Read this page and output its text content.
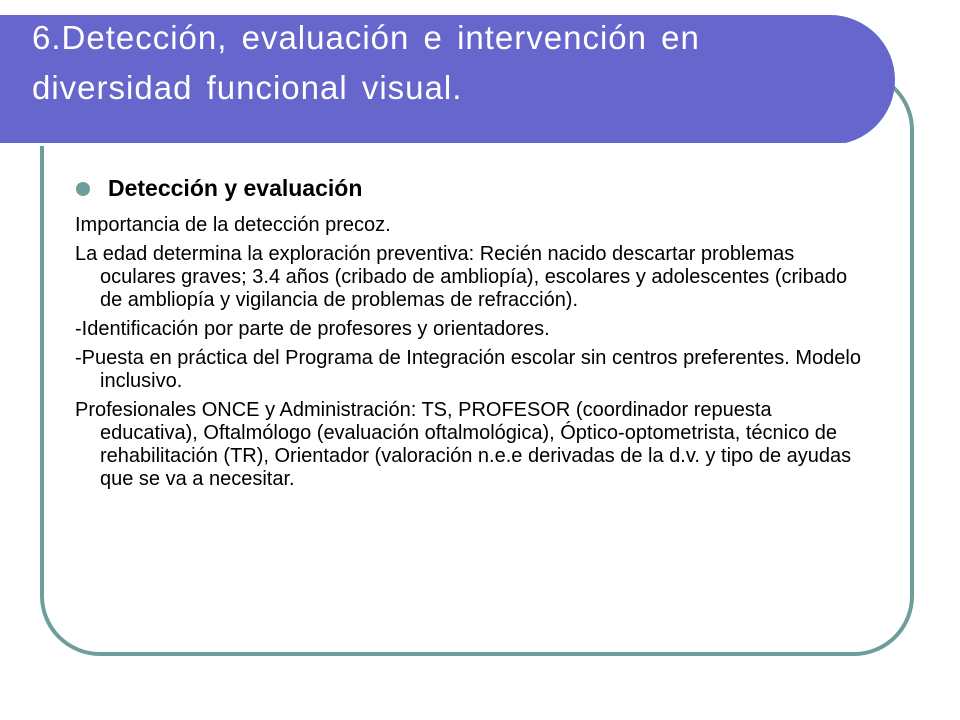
6.Detección, evaluación e intervención en diversidad funcional visual.
Detección y evaluación

Importancia de la detección precoz.

La edad determina la exploración preventiva: Recién nacido descartar problemas oculares graves; 3.4 años (cribado de ambliopía), escolares y adolescentes (cribado de ambliopía y vigilancia de problemas de refracción).

-Identificación por parte de profesores y orientadores.

-Puesta en práctica del Programa de Integración escolar sin centros preferentes. Modelo inclusivo.

Profesionales ONCE y Administración: TS, PROFESOR (coordinador repuesta educativa), Oftalmólogo (evaluación oftalmológica), Óptico-optometrista, técnico de rehabilitación (TR), Orientador (valoración n.e.e derivadas de la d.v. y tipo de ayudas que se va a necesitar.
